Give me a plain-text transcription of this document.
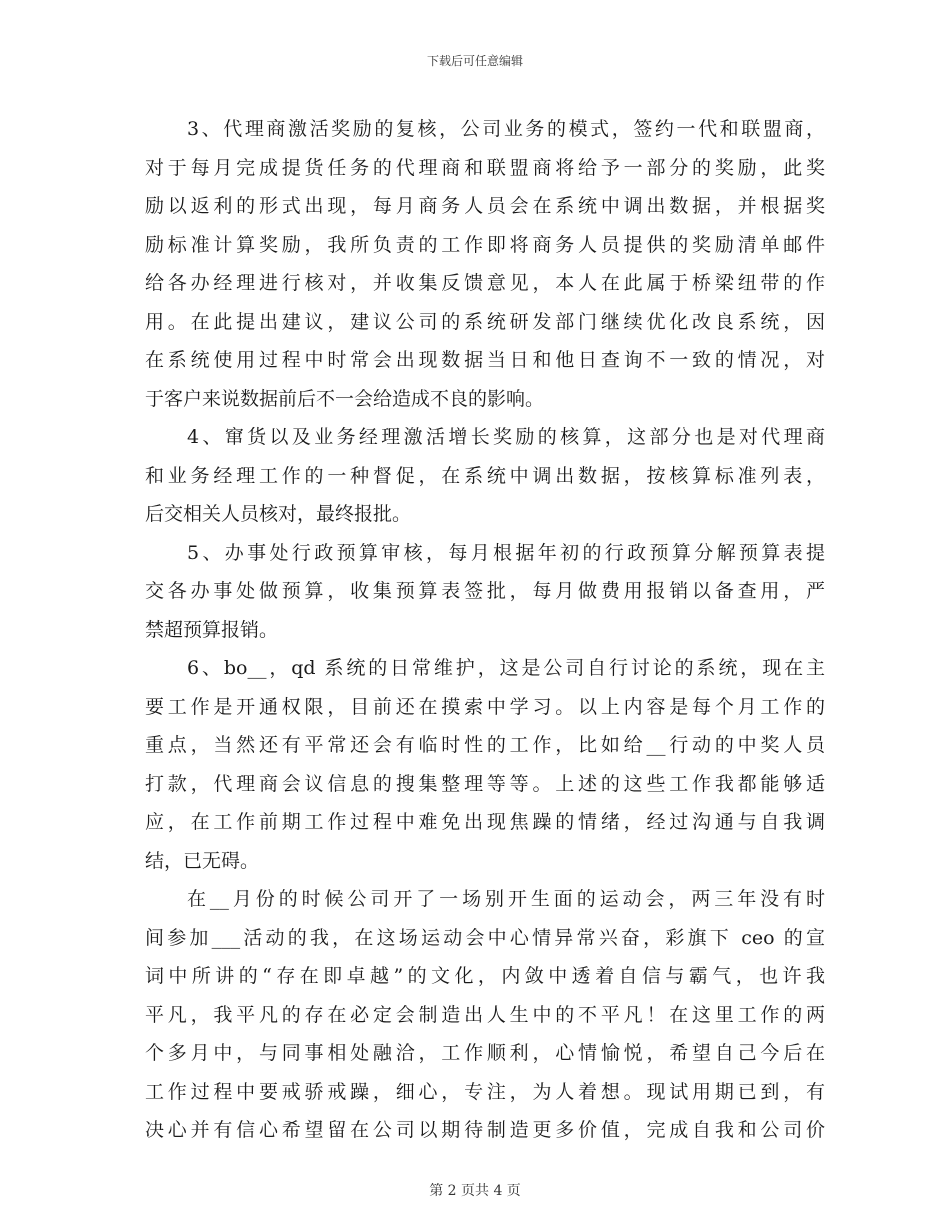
下载后可任意编辑
3、代理商激活奖励的复核，公司业务的模式，签约一代和联盟商，
对于每月完成提货任务的代理商和联盟商将给予一部分的奖励，此奖
励以返利的形式出现，每月商务人员会在系统中调出数据，并根据奖
励标准计算奖励，我所负责的工作即将商务人员提供的奖励清单邮件
给各办经理进行核对，并收集反馈意见，本人在此属于桥梁纽带的作
用。在此提出建议，建议公司的系统研发部门继续优化改良系统，因
在系统使用过程中时常会出现数据当日和他日查询不一致的情况，对
于客户来说数据前后不一会给造成不良的影响。
4、窜货以及业务经理激活增长奖励的核算，这部分也是对代理商
和业务经理工作的一种督促，在系统中调出数据，按核算标准列表，
后交相关人员核对，最终报批。
5、办事处行政预算审核，每月根据年初的行政预算分解预算表提
交各办事处做预算，收集预算表签批，每月做费用报销以备查用，严
禁超预算报销。
6、bo__，qd 系统的日常维护，这是公司自行讨论的系统，现在主
要工作是开通权限，目前还在摸索中学习。以上内容是每个月工作的
重点，当然还有平常还会有临时性的工作，比如给__行动的中奖人员
打款，代理商会议信息的搜集整理等等。上述的这些工作我都能够适
应，在工作前期工作过程中难免出现焦躁的情绪，经过沟通与自我调
结，已无碍。
在__月份的时候公司开了一场别开生面的运动会，两三年没有时
间参加___活动的我，在这场运动会中心情异常兴奋，彩旗下 ceo 的宣
词中所讲的“存在即卓越”的文化，内敛中透着自信与霸气，也许我
平凡，我平凡的存在必定会制造出人生中的不平凡！在这里工作的两
个多月中，与同事相处融洽，工作顺利，心情愉悦，希望自己今后在
工作过程中要戒骄戒躁，细心，专注，为人着想。现试用期已到，有
决心并有信心希望留在公司以期待制造更多价值，完成自我和公司价
第 2 页共 4 页
